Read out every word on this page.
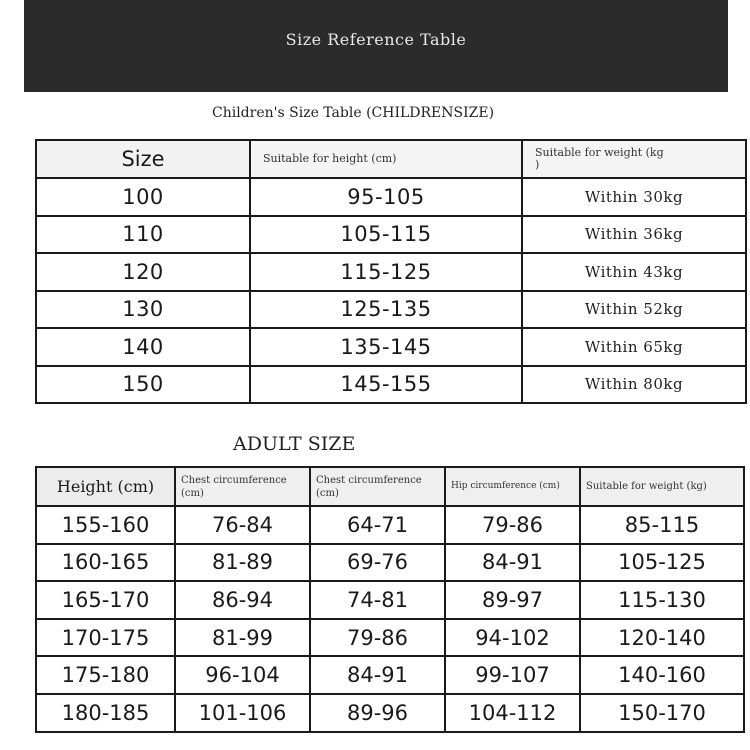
Size Reference Table
Children's Size Table (CHILDRENSIZE)
Size	Suitable for height (cm)	Suitable for weight (kg
)
100	95-105	Within 30kg
110	105-115	Within 36kg
120	115-125	Within 43kg
130	125-135	Within 52kg
140	135-145	Within 65kg
150	145-155	Within 80kg
ADULT SIZE
Height (cm)	Chest circumference (cm)	Chest circumference (cm)	Hip circumference (cm)	Suitable for weight (kg)
155-160	76-84	64-71	79-86	85-115
160-165	81-89	69-76	84-91	105-125
165-170	86-94	74-81	89-97	115-130
170-175	81-99	79-86	94-102	120-140
175-180	96-104	84-91	99-107	140-160
180-185	101-106	89-96	104-112	150-170
